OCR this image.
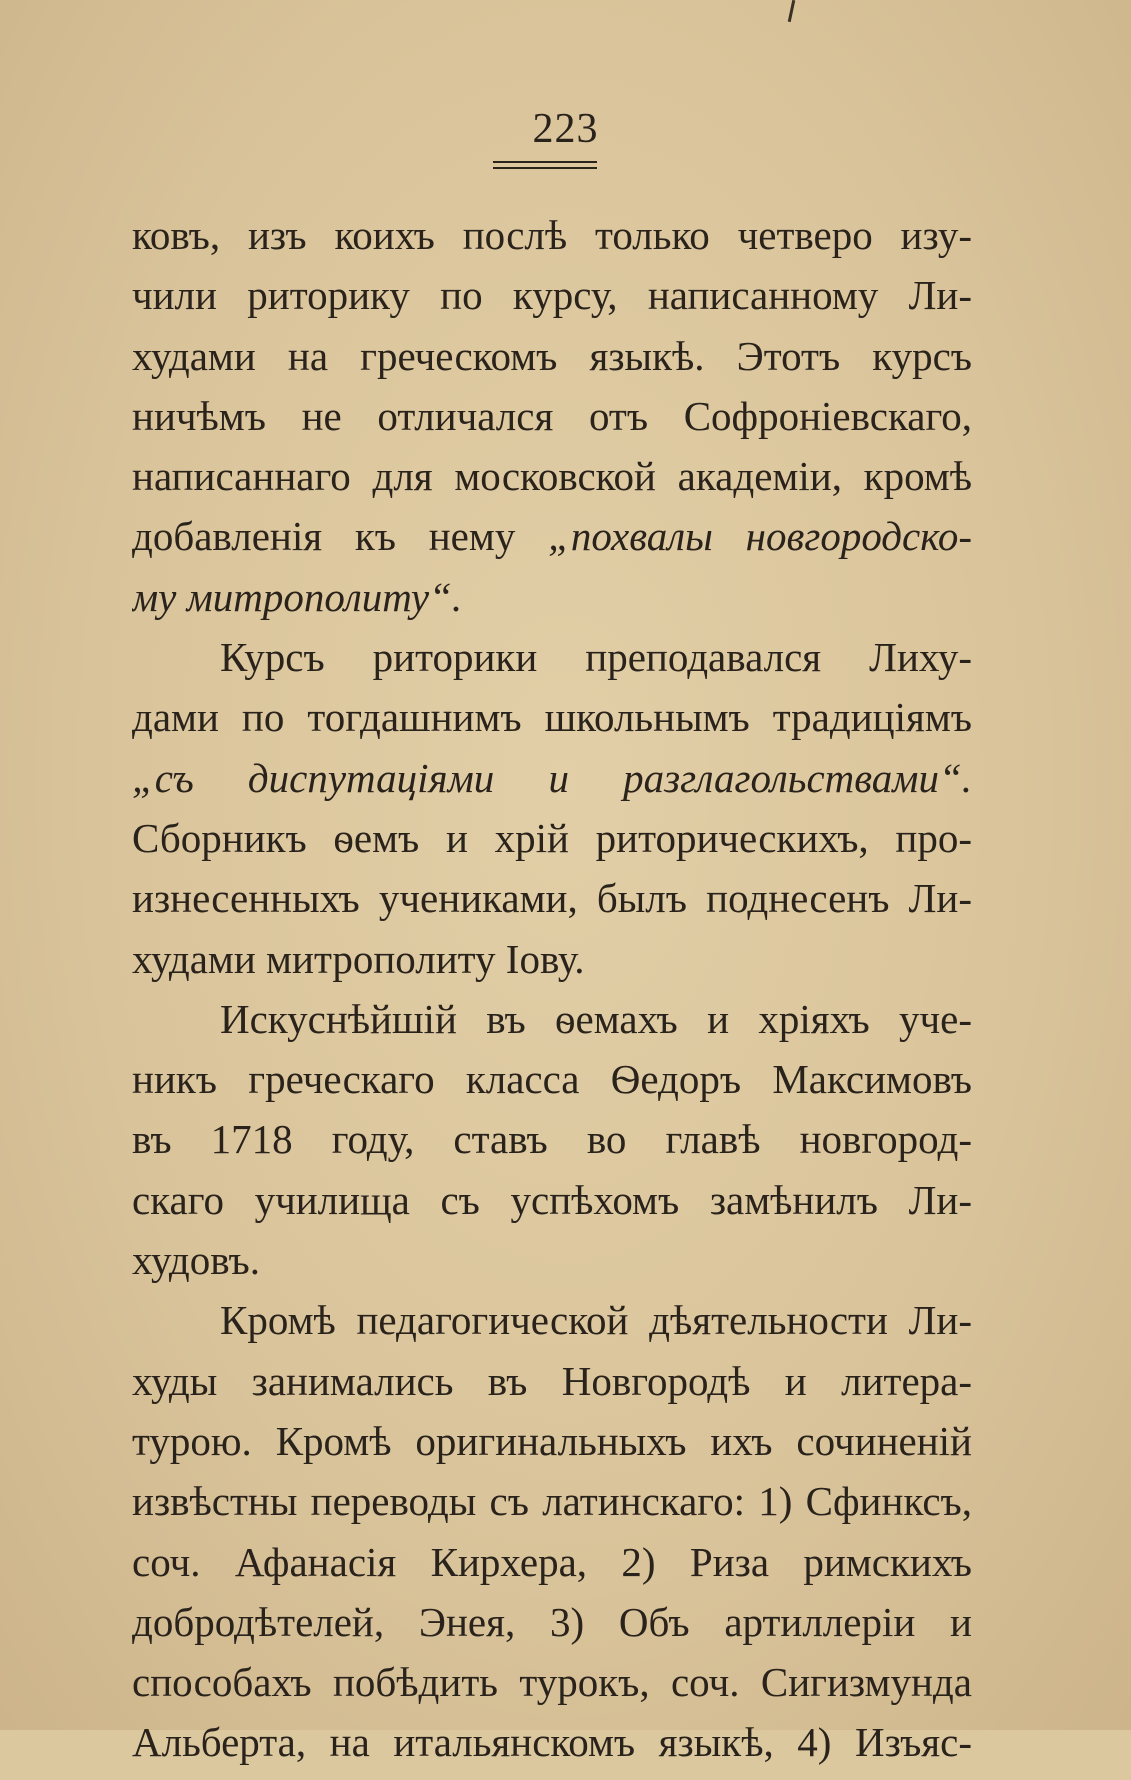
223
ковъ, изъ коихъ послѣ только четверо изу-
чили риторику по курсу, написанному Ли-
худами на греческомъ языкѣ. Этотъ курсъ
ничѣмъ не отличался отъ Софроніевскаго,
написаннаго для московской академіи, кромѣ
добавленія къ нему „похвалы новгородско-
му митрополиту“.
Курсъ риторики преподавался Лиху-
дами по тогдашнимъ школьнымъ традиціямъ
„съ диспутаціями и разглагольствами“.
Сборникъ ѳемъ и хрій риторическихъ, про-
изнесенныхъ учениками, былъ поднесенъ Ли-
худами митрополиту Іову.
Искуснѣйшій въ ѳемахъ и хріяхъ уче-
никъ греческаго класса Ѳедоръ Максимовъ
въ 1718 году, ставъ во главѣ новгород-
скаго училища съ успѣхомъ замѣнилъ Ли-
худовъ.
Кромѣ педагогической дѣятельности Ли-
худы занимались въ Новгородѣ и литера-
турою. Кромѣ оригинальныхъ ихъ сочиненій
извѣстны переводы съ латинскаго: 1) Сфинксъ,
соч. Афанасія Кирхера, 2) Риза римскихъ
добродѣтелей, Энея, 3) Объ артиллеріи и
способахъ побѣдить турокъ, соч. Сигизмунда
Альберта, на итальянскомъ языкѣ, 4) Изъяс-
